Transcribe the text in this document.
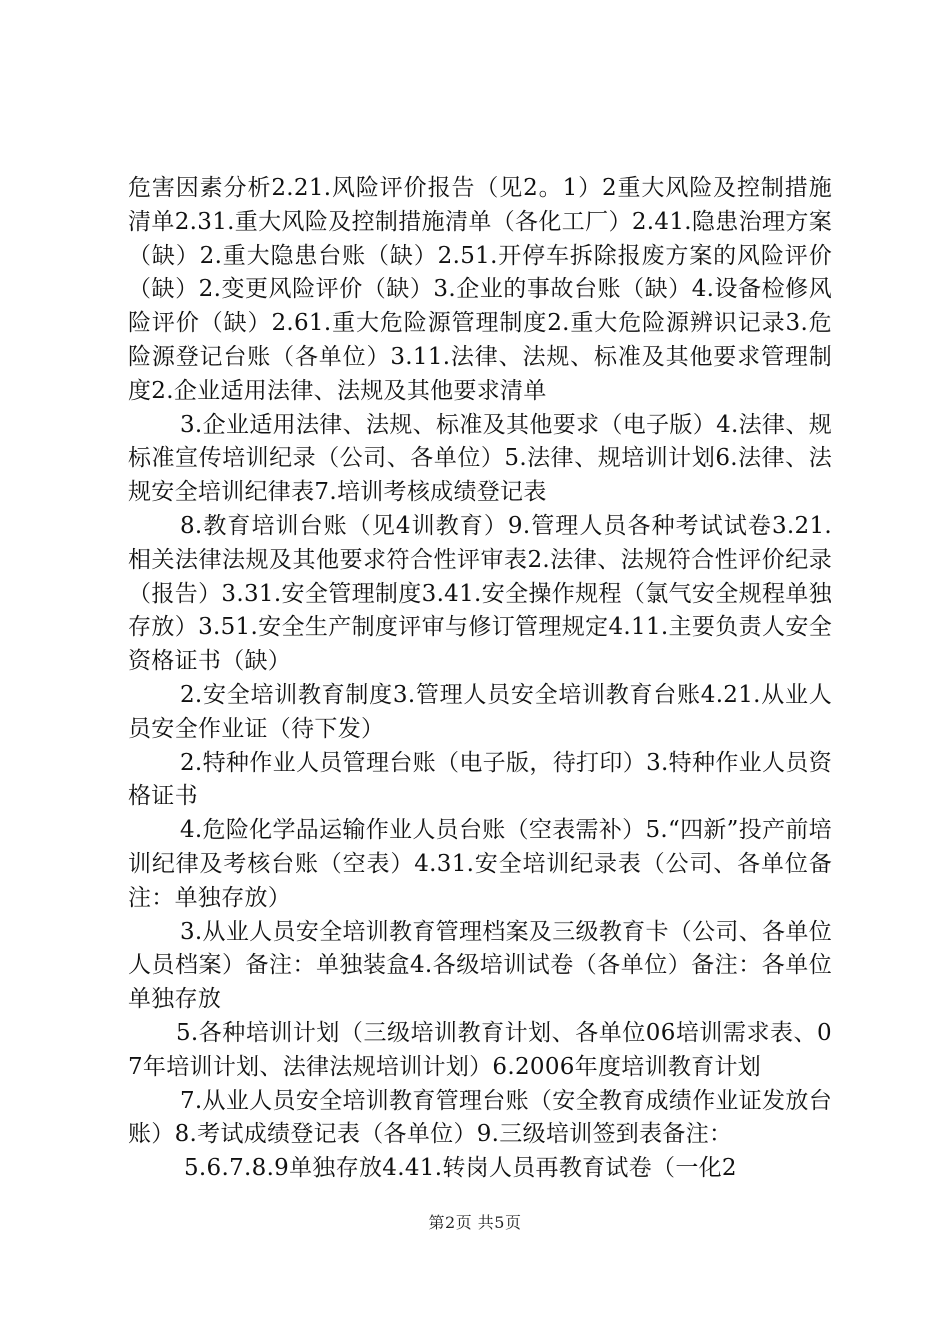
危害因素分析2.21.风险评价报告（见2。1）2重大风险及控制措施清单2.31.重大风险及控制措施清单（各化工厂）2.41.隐患治理方案（缺）2.重大隐患台账（缺）2.51.开停车拆除报废方案的风险评价（缺）2.变更风险评价（缺）3.企业的事故台账（缺）4.设备检修风险评价（缺）2.61.重大危险源管理制度2.重大危险源辨识记录3.危险源登记台账（各单位）3.11.法律、法规、标准及其他要求管理制度2.企业适用法律、法规及其他要求清单

3.企业适用法律、法规、标准及其他要求（电子版）4.法律、规标准宣传培训纪录（公司、各单位）5.法律、规培训计划6.法律、法规安全培训纪律表7.培训考核成绩登记表

8.教育培训台账（见4训教育）9.管理人员各种考试试卷3.21.相关法律法规及其他要求符合性评审表2.法律、法规符合性评价纪录（报告）3.31.安全管理制度3.41.安全操作规程（氯气安全规程单独存放）3.51.安全生产制度评审与修订管理规定4.11.主要负责人安全资格证书（缺）

2.安全培训教育制度3.管理人员安全培训教育台账4.21.从业人员安全作业证（待下发）

2.特种作业人员管理台账（电子版，待打印）3.特种作业人员资格证书

4.危险化学品运输作业人员台账（空表需补）5.“四新”投产前培训纪律及考核台账（空表）4.31.安全培训纪录表（公司、各单位备注：单独存放）

3.从业人员安全培训教育管理档案及三级教育卡（公司、各单位人员档案）备注：单独装盒4.各级培训试卷（各单位）备注：各单位单独存放

5.各种培训计划（三级培训教育计划、各单位06培训需求表、07年培训计划、法律法规培训计划）6.2006年度培训教育计划

7.从业人员安全培训教育管理台账（安全教育成绩作业证发放台账）8.考试成绩登记表（各单位）9.三级培训签到表备注：

5.6.7.8.9单独存放4.41.转岗人员再教育试卷（一化2

第2页 共5页
